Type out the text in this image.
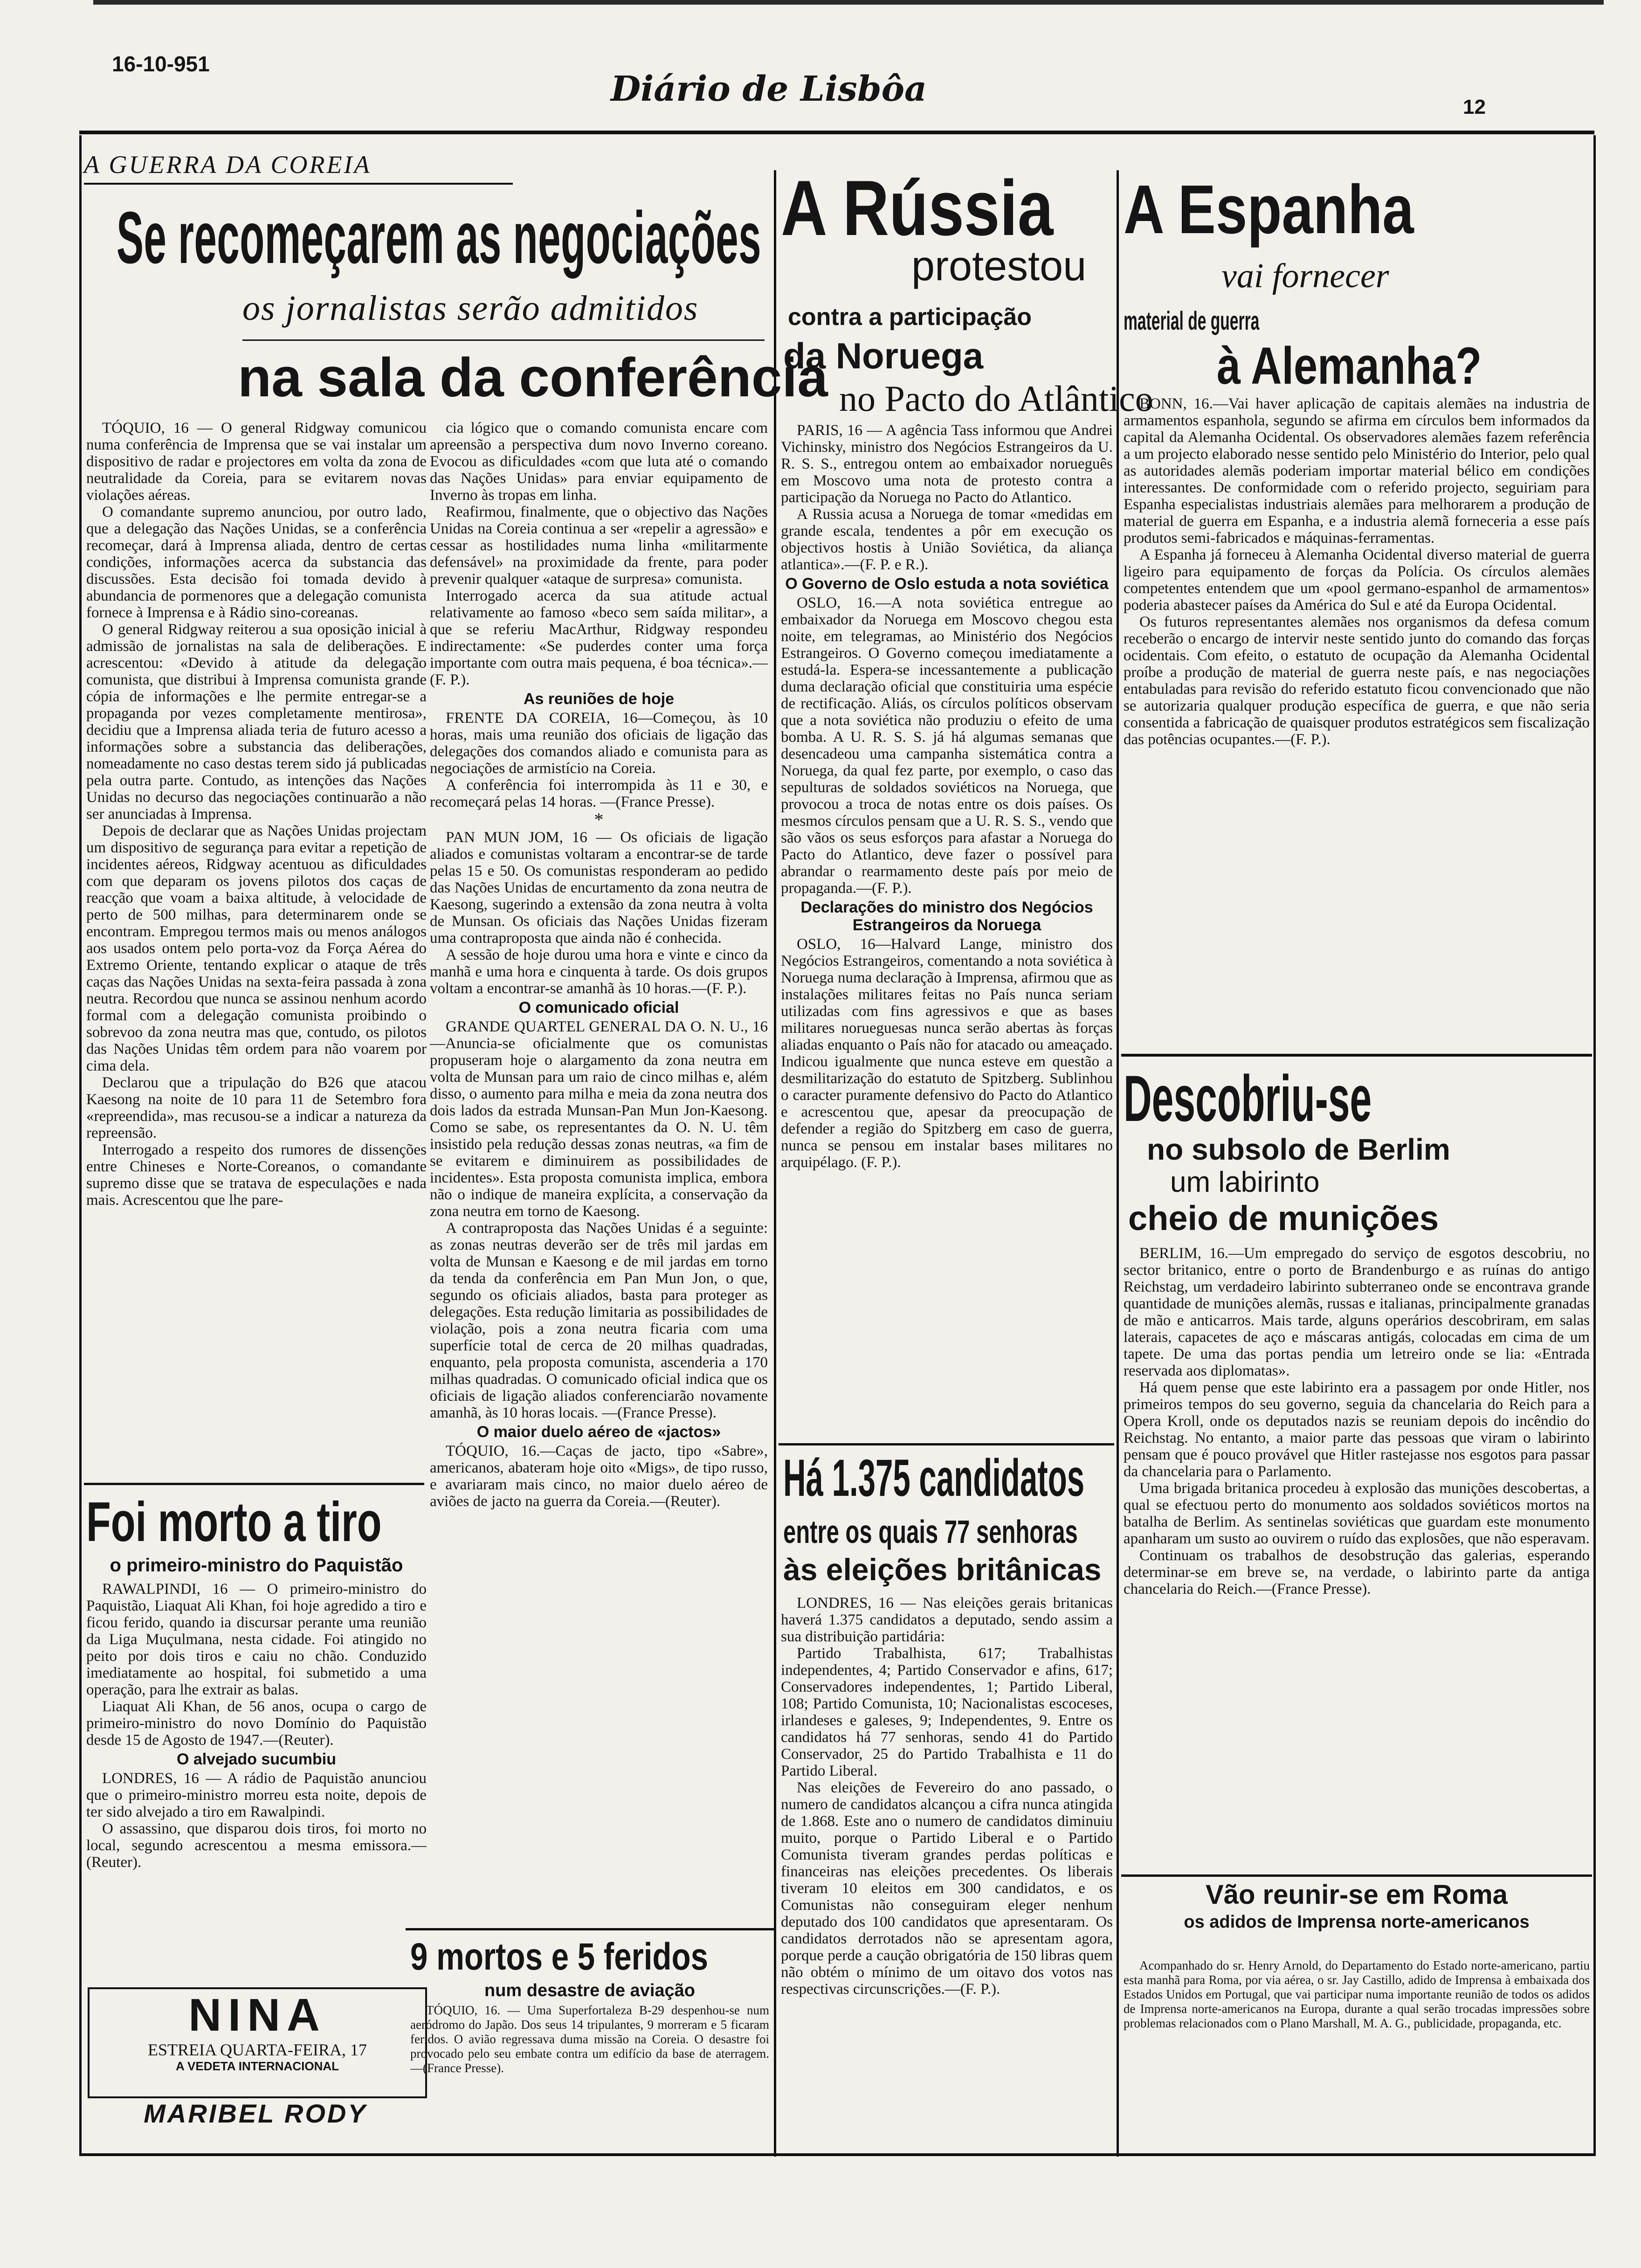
16-10-951
Diário de Lisbôa	12
A GUERRA DA COREIA
Se recomeçarem as negociações
os jornalistas serão admitidos
na sala da conferência

TÓQUIO, 16 — O general Ridgway comunicou numa conferência de Imprensa que se vai instalar um dispositivo de radar e projectores em volta da zona de neutralidade da Coreia, para se evitarem novas violações aéreas.

O comandante supremo anunciou, por outro lado, que a delegação das Nações Unidas, se a conferência recomeçar, dará à Imprensa aliada, dentro de certas condições, informações acerca da substancia das discussões. Esta decisão foi tomada devido à abundancia de pormenores que a delegação comunista fornece à Imprensa e à Rádio sino-coreanas.

O general Ridgway reiterou a sua oposição inicial à admissão de jornalistas na sala de deliberações. E acrescentou: «Devido à atitude da delegação comunista, que distribui à Imprensa comunista grande cópia de informações e lhe permite entregar-se a propaganda por vezes completamente mentirosa», decidiu que a Imprensa aliada teria de futuro acesso a informações sobre a substancia das deliberações, nomeadamente no caso destas terem sido já publicadas pela outra parte. Contudo, as intenções das Nações Unidas no decurso das negociações continuarão a não ser anunciadas à Imprensa.

Depois de declarar que as Nações Unidas projectam um dispositivo de segurança para evitar a repetição de incidentes aéreos, Ridgway acentuou as dificuldades com que deparam os jovens pilotos dos caças de reacção que voam a baixa altitude, à velocidade de perto de 500 milhas, para determinarem onde se encontram. Empregou termos mais ou menos análogos aos usados ontem pelo porta-voz da Força Aérea do Extremo Oriente, tentando explicar o ataque de três caças das Nações Unidas na sexta-feira passada à zona neutra. Recordou que nunca se assinou nenhum acordo formal com a delegação comunista proibindo o sobrevoo da zona neutra mas que, contudo, os pilotos das Nações Unidas têm ordem para não voarem por cima dela.

Declarou que a tripulação do B26 que atacou Kaesong na noite de 10 para 11 de Setembro fora «repreendida», mas recusou-se a indicar a natureza da repreensão.

Interrogado a respeito dos rumores de dissenções entre Chineses e Norte-Coreanos, o comandante supremo disse que se tratava de especulações e nada mais. Acrescentou que lhe pare-

cia lógico que o comando comunista encare com apreensão a perspectiva dum novo Inverno coreano. Evocou as dificuldades «com que luta até o comando das Nações Unidas» para enviar equipamento de Inverno às tropas em linha.

Reafirmou, finalmente, que o objectivo das Nações Unidas na Coreia continua a ser «repelir a agressão» e cessar as hostilidades numa linha «militarmente defensável» na proximidade da frente, para poder prevenir qualquer «ataque de surpresa» comunista.

Interrogado acerca da sua atitude actual relativamente ao famoso «beco sem saída militar», a que se referiu MacArthur, Ridgway respondeu indirectamente: «Se puderdes conter uma força importante com outra mais pequena, é boa técnica».—(F. P.).

As reuniões de hoje

FRENTE DA COREIA, 16—Começou, às 10 horas, mais uma reunião dos oficiais de ligação das delegações dos comandos aliado e comunista para as negociações de armistício na Coreia.

A conferência foi interrompida às 11 e 30, e recomeçará pelas 14 horas. —(France Presse).

*

PAN MUN JOM, 16 — Os oficiais de ligação aliados e comunistas voltaram a encontrar-se de tarde pelas 15 e 50. Os comunistas responderam ao pedido das Nações Unidas de encurtamento da zona neutra de Kaesong, sugerindo a extensão da zona neutra à volta de Munsan. Os oficiais das Nações Unidas fizeram uma contraproposta que ainda não é conhecida.

A sessão de hoje durou uma hora e vinte e cinco da manhã e uma hora e cinquenta à tarde. Os dois grupos voltam a encontrar-se amanhã às 10 horas.—(F. P.).

O comunicado oficial

GRANDE QUARTEL GENERAL DA O. N. U., 16—Anuncia-se oficialmente que os comunistas propuseram hoje o alargamento da zona neutra em volta de Munsan para um raio de cinco milhas e, além disso, o aumento para milha e meia da zona neutra dos dois lados da estrada Munsan-Pan Mun Jon-Kaesong. Como se sabe, os representantes da O. N. U. têm insistido pela redução dessas zonas neutras, «a fim de se evitarem e diminuirem as possibilidades de incidentes». Esta proposta comunista implica, embora não o indique de maneira explícita, a conservação da zona neutra em torno de Kaesong.

A contraproposta das Nações Unidas é a seguinte: as zonas neutras deverão ser de três mil jardas em volta de Munsan e Kaesong e de mil jardas em torno da tenda da conferência em Pan Mun Jon, o que, segundo os oficiais aliados, basta para proteger as delegações. Esta redução limitaria as possibilidades de violação, pois a zona neutra ficaria com uma superfície total de cerca de 20 milhas quadradas, enquanto, pela proposta comunista, ascenderia a 170 milhas quadradas. O comunicado oficial indica que os oficiais de ligação aliados conferenciarão novamente amanhã, às 10 horas locais. —(France Presse).

O maior duelo aéreo de «jactos»

TÓQUIO, 16.—Caças de jacto, tipo «Sabre», americanos, abateram hoje oito «Migs», de tipo russo, e avariaram mais cinco, no maior duelo aéreo de aviões de jacto na guerra da Coreia.—(Reuter).

Foi morto a tiro
o primeiro-ministro do Paquistão

RAWALPINDI, 16 — O primeiro-ministro do Paquistão, Liaquat Ali Khan, foi hoje agredido a tiro e ficou ferido, quando ia discursar perante uma reunião da Liga Muçulmana, nesta cidade. Foi atingido no peito por dois tiros e caiu no chão. Conduzido imediatamente ao hospital, foi submetido a uma operação, para lhe extrair as balas.

Liaquat Ali Khan, de 56 anos, ocupa o cargo de primeiro-ministro do novo Domínio do Paquistão desde 15 de Agosto de 1947.—(Reuter).

O alvejado sucumbiu

LONDRES, 16 — A rádio de Paquistão anunciou que o primeiro-ministro morreu esta noite, depois de ter sido alvejado a tiro em Rawalpindi.

O assassino, que disparou dois tiros, foi morto no local, segundo acrescentou a mesma emissora.—(Reuter).

NINA
ESTREIA QUARTA-FEIRA, 17
A VEDETA INTERNACIONAL
MARIBEL RODY
A Rússia
protestou
contra a participação
da Noruega
no Pacto do Atlântico

PARIS, 16 — A agência Tass informou que Andrei Vichinsky, ministro dos Negócios Estrangeiros da U. R. S. S., entregou ontem ao embaixador norueguês em Moscovo uma nota de protesto contra a participação da Noruega no Pacto do Atlantico.

A Russia acusa a Noruega de tomar «medidas em grande escala, tendentes a pôr em execução os objectivos hostis à União Soviética, da aliança atlantica».—(F. P. e R.).

O Governo de Oslo estuda a nota soviética

OSLO, 16.—A nota soviética entregue ao embaixador da Noruega em Moscovo chegou esta noite, em telegramas, ao Ministério dos Negócios Estrangeiros. O Governo começou imediatamente a estudá-la. Espera-se incessantemente a publicação duma declaração oficial que constituiria uma espécie de rectificação. Aliás, os círculos políticos observam que a nota soviética não produziu o efeito de uma bomba. A U. R. S. S. já há algumas semanas que desencadeou uma campanha sistemática contra a Noruega, da qual fez parte, por exemplo, o caso das sepulturas de soldados soviéticos na Noruega, que provocou a troca de notas entre os dois países. Os mesmos círculos pensam que a U. R. S. S., vendo que são vãos os seus esforços para afastar a Noruega do Pacto do Atlantico, deve fazer o possível para abrandar o rearmamento deste país por meio de propaganda.—(F. P.).

Declarações do ministro dos Negócios Estrangeiros da Noruega

OSLO, 16—Halvard Lange, ministro dos Negócios Estrangeiros, comentando a nota soviética à Noruega numa declaração à Imprensa, afirmou que as instalações militares feitas no País nunca seriam utilizadas com fins agressivos e que as bases militares norueguesas nunca serão abertas às forças aliadas enquanto o País não for atacado ou ameaçado. Indicou igualmente que nunca esteve em questão a desmilitarização do estatuto de Spitzberg. Sublinhou o caracter puramente defensivo do Pacto do Atlantico e acrescentou que, apesar da preocupação de defender a região do Spitzberg em caso de guerra, nunca se pensou em instalar bases militares no arquipélago. (F. P.).

Há 1.375 candidatos
entre os quais 77 senhoras
às eleições britânicas

LONDRES, 16 — Nas eleições gerais britanicas haverá 1.375 candidatos a deputado, sendo assim a sua distribuição partidária:

Partido Trabalhista, 617; Trabalhistas independentes, 4; Partido Conservador e afins, 617; Conservadores independentes, 1; Partido Liberal, 108; Partido Comunista, 10; Nacionalistas escoceses, irlandeses e galeses, 9; Independentes, 9. Entre os candidatos há 77 senhoras, sendo 41 do Partido Conservador, 25 do Partido Trabalhista e 11 do Partido Liberal.

Nas eleições de Fevereiro do ano passado, o numero de candidatos alcançou a cifra nunca atingida de 1.868. Este ano o numero de candidatos diminuiu muito, porque o Partido Liberal e o Partido Comunista tiveram grandes perdas políticas e financeiras nas eleições precedentes. Os liberais tiveram 10 eleitos em 300 candidatos, e os Comunistas não conseguiram eleger nenhum deputado dos 100 candidatos que apresentaram. Os candidatos derrotados não se apresentam agora, porque perde a caução obrigatória de 150 libras quem não obtém o mínimo de um oitavo dos votos nas respectivas circunscrições.—(F. P.).

9 mortos e 5 feridos
num desastre de aviação

TÓQUIO, 16. — Uma Superfortaleza B-29 despenhou-se num aeródromo do Japão. Dos seus 14 tripulantes, 9 morreram e 5 ficaram feridos. O avião regressava duma missão na Coreia. O desastre foi provocado pelo seu embate contra um edifício da base de aterragem. —(France Presse).

A Espanha
vai fornecer
material de guerra
à Alemanha?

BONN, 16.—Vai haver aplicação de capitais alemães na industria de armamentos espanhola, segundo se afirma em círculos bem informados da capital da Alemanha Ocidental. Os observadores alemães fazem referência a um projecto elaborado nesse sentido pelo Ministério do Interior, pelo qual as autoridades alemãs poderiam importar material bélico em condições interessantes. De conformidade com o referido projecto, seguiriam para Espanha especialistas industriais alemães para melhorarem a produção de material de guerra em Espanha, e a industria alemã forneceria a esse país produtos semi-fabricados e máquinas-ferramentas.

A Espanha já forneceu à Alemanha Ocidental diverso material de guerra ligeiro para equipamento de forças da Polícia. Os círculos alemães competentes entendem que um «pool germano-espanhol de armamentos» poderia abastecer países da América do Sul e até da Europa Ocidental.

Os futuros representantes alemães nos organismos da defesa comum receberão o encargo de intervir neste sentido junto do comando das forças ocidentais. Com efeito, o estatuto de ocupação da Alemanha Ocidental proíbe a produção de material de guerra neste país, e nas negociações entabuladas para revisão do referido estatuto ficou convencionado que não se autorizaria qualquer produção específica de guerra, e que não seria consentida a fabricação de quaisquer produtos estratégicos sem fiscalização das potências ocupantes.—(F. P.).

Descobriu-se
no subsolo de Berlim
um labirinto
cheio de munições

BERLIM, 16.—Um empregado do serviço de esgotos descobriu, no sector britanico, entre o porto de Brandenburgo e as ruínas do antigo Reichstag, um verdadeiro labirinto subterraneo onde se encontrava grande quantidade de munições alemãs, russas e italianas, principalmente granadas de mão e anticarros. Mais tarde, alguns operários descobriram, em salas laterais, capacetes de aço e máscaras antigás, colocadas em cima de um tapete. De uma das portas pendia um letreiro onde se lia: «Entrada reservada aos diplomatas».

Há quem pense que este labirinto era a passagem por onde Hitler, nos primeiros tempos do seu governo, seguia da chancelaria do Reich para a Opera Kroll, onde os deputados nazis se reuniam depois do incêndio do Reichstag. No entanto, a maior parte das pessoas que viram o labirinto pensam que é pouco provável que Hitler rastejasse nos esgotos para passar da chancelaria para o Parlamento.

Uma brigada britanica procedeu à explosão das munições descobertas, a qual se efectuou perto do monumento aos soldados soviéticos mortos na batalha de Berlim. As sentinelas soviéticas que guardam este monumento apanharam um susto ao ouvirem o ruído das explosões, que não esperavam.

Continuam os trabalhos de desobstrução das galerias, esperando determinar-se em breve se, na verdade, o labirinto parte da antiga chancelaria do Reich.—(France Presse).

Vão reunir-se em Roma
os adidos de Imprensa norte-americanos

Acompanhado do sr. Henry Arnold, do Departamento do Estado norte-americano, partiu esta manhã para Roma, por via aérea, o sr. Jay Castillo, adido de Imprensa à embaixada dos Estados Unidos em Portugal, que vai participar numa importante reunião de todos os adidos de Imprensa norte-americanos na Europa, durante a qual serão trocadas impressões sobre problemas relacionados com o Plano Marshall, M. A. G., publicidade, propaganda, etc.
